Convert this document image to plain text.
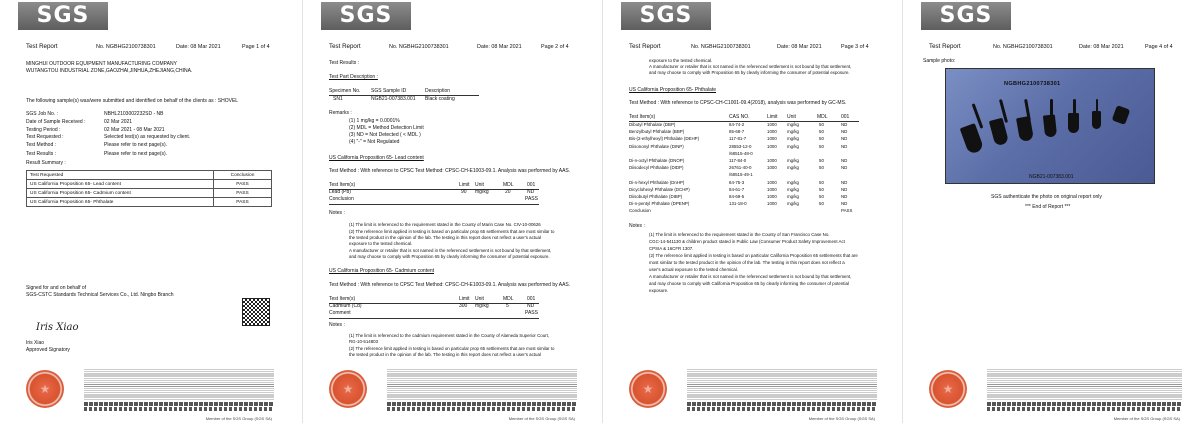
SGS
Test Report	No. NGBHG2100738301	Date: 08 Mar 2021	Page 1 of 4
MINGHUI OUTDOOR EQUIPMENT MANUFACTURING COMPANY
WUTANGTOU INDUSTRIAL ZONE,GAOZHAI,JINHUA,ZHEJIANG,CHINA.
The following sample(s) was/were submitted and identified on behalf of the clients as : SHOVEL
SGS Job No. :	NBHL2103002232SD - NB
Date of Sample Received :	02 Mar 2021
Testing Period :	02 Mar 2021 - 08 Mar 2021
Test Requested :	Selected test(s) as requested by client.
Test Method :	Please refer to next page(s).
Test Results :	Please refer to next page(s).
Result Summary :
Test Requested	Conclusion
US California Proposition 65- Lead content	PASS
US California Proposition 65- Cadmium content	PASS
US California Proposition 65- Phthalate	PASS
Signed for and on behalf of
SGS-CSTC Standards Technical Services Co., Ltd. Ningbo Branch
Iris Xiao
Iris Xiao
Approved Signatory
★
Member of the SGS Group (SGS SA)
SGS
Test Report	No. NGBHG2100738301	Date: 08 Mar 2021	Page 2 of 4
Test Results :
Test Part Description :
Specimen No. SGS Sample ID	Description
SN1	NGB21-007383.001 Black coating
Remarks :
(1) 1 mg/kg = 0.0001%
(2) MDL = Method Detection Limit
(3) ND = Not Detected ( < MDL )
(4) "-" = Not Regulated
US California Proposition 65- Lead content
Test Method : With reference to CPSC Test Method: CPSC-CH-E1003-09.1. Analysis was performed by AAS.
Test Item(s)	Limit Unit	MDL	001
Lead (Pb)	90 mg/kg	20	ND
Conclusion	PASS
Notes :
(1) The limit is referenced to the requirement stated in the County of Marin Case No. CIV-10-00626
(2) The reference limit applied in testing is based on particular prop 65 settlements that are most similar to
the tested product in the opinion of the lab. The testing in this report does not reflect a user's actual
exposure to the tested chemical.
A manufacturer or retailer that is not named in the referenced settlement is not bound by that settlement,
and may choose to comply with Proposition 65 by clearly informing the consumer of potential exposure.
US California Proposition 65- Cadmium content
Test Method : With reference to CPSC Test Method: CPSC-CH-E1003-09.1. Analysis was performed by AAS.
Test Item(s)	Limit Unit	MDL	001
Cadmium (Cd)	300 mg/kg	5	ND
Comment	PASS
Notes :
(1) The limit is referenced to the cadmium requirement stated in the County of Alameda Superior Court,
RG-10-514803
(2) The reference limit applied in testing is based on particular prop 65 settlements that are most similar to
the tested product in the opinion of the lab. The testing in this report does not reflect a user's actual
★
Member of the SGS Group (SGS SA)
SGS
Test Report	No. NGBHG2100738301	Date: 08 Mar 2021	Page 3 of 4
exposure to the tested chemical.
A manufacturer or retailer that is not named in the referenced settlement is not bound by that settlement,
and may choose to comply with Proposition 65 by clearly informing the consumer of potential exposure.
US California Proposition 65- Phthalate
Test Method : With reference to CPSC-CH-C1001-09.4(2018), analysis was performed by GC-MS.
Test Item(s)	CAS NO.	Limit Unit	MDL	001
Dibutyl Phthalate (DBP)	84-74-2	1000 mg/kg	50	ND
Benzylbutyl Phthalate (BBP)	85-68-7	1000 mg/kg	50	ND
Bis-(2-ethylhexyl) Phthalate (DEHP)	117-81-7	1000 mg/kg	50	ND
Diisononyl Phthalate (DINP)	28553-12-0	1000 mg/kg	50	ND
/68515-48-0
Di-n-octyl Phthalate (DNOP)	117-84-0	1000 mg/kg	50	ND
Diisodecyl Phthalate (DIDP)	26761-40-0	1000 mg/kg	50	ND
/68515-49-1
Di-n-hexyl Phthalate (DnHP)	84-75-3	1000 mg/kg	50	ND
Dicyclohexyl Phthalate (DCHP)	84-61-7	1000 mg/kg	50	ND
Diisobutyl Phthalate (DIBP)	84-69-5	1000 mg/kg	50	ND
Di-n-pentyl Phthalate (DPENP)	131-18-0	1000 mg/kg	50	ND
Conclusion	PASS
Notes :
(1) The limit is referenced to the requirement stated in the County of San Francisco Case No.
CGC-14-541130 & children product stated in Public Law (Consumer Product Safety Improvement Act
CPSIA & 16CFR 1307.
(2) The reference limit applied in testing is based on particular California Proposition 65 settlements that are
most similar to the tested product in the opinion of the lab. The testing in this report does not reflect a
user's actual exposure to the tested chemical.
A manufacturer or retailer that is not named in the referenced settlement is not bound by that settlement,
and may choose to comply with California Proposition 65 by clearly informing the consumer of potential
exposure.
★
Member of the SGS Group (SGS SA)
SGS
Test Report	No. NGBHG2100738301	Date: 08 Mar 2021	Page 4 of 4
Sample photo:
NGBHG2100738301
NGB21-007383.001
SGS authenticate the photo on original report only
*** End of Report ***
★
Member of the SGS Group (SGS SA)
